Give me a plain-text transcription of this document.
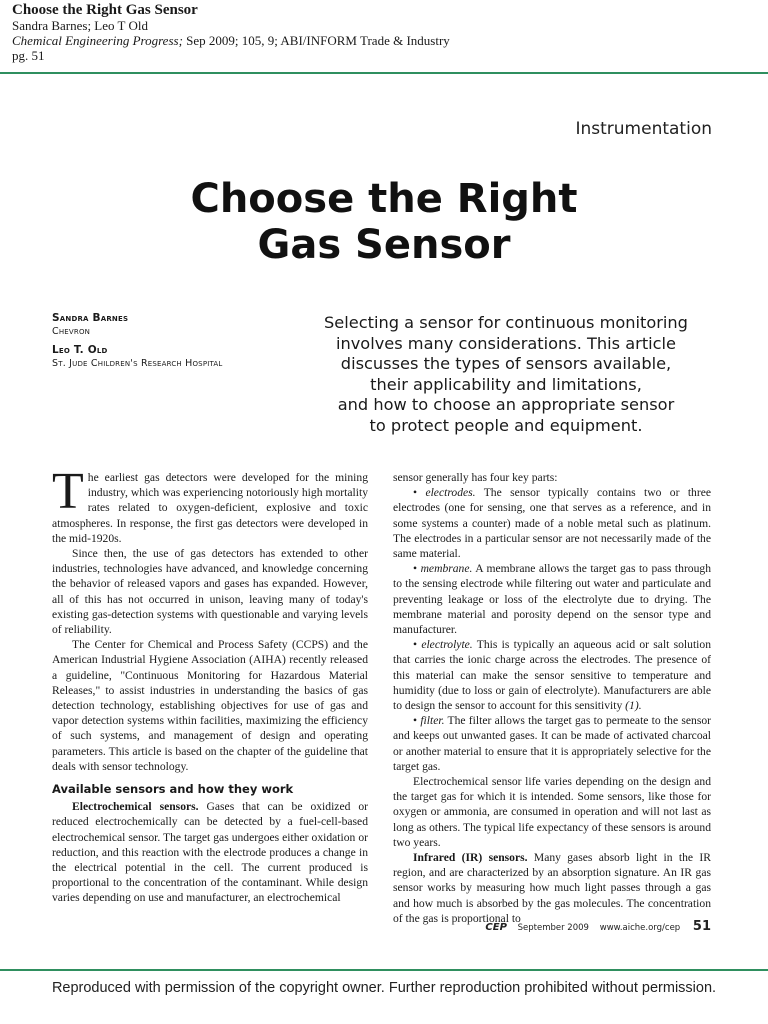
Choose the Right Gas Sensor
Sandra Barnes; Leo T Old
Chemical Engineering Progress; Sep 2009; 105, 9; ABI/INFORM Trade & Industry
pg. 51
Instrumentation
Choose the Right
Gas Sensor
Sandra Barnes
Chevron
Leo T. Old
St. Jude Children's Research Hospital
Selecting a sensor for continuous monitoring
involves many considerations. This article
discusses the types of sensors available,
their applicability and limitations,
and how to choose an appropriate sensor
to protect people and equipment.

The earliest gas detectors were developed for the mining industry, which was experiencing notoriously high mortality rates related to oxygen-deficient, explosive and toxic atmospheres. In response, the first gas detectors were developed in the mid-1920s.

Since then, the use of gas detectors has extended to other industries, technologies have advanced, and knowledge concerning the behavior of released vapors and gases has expanded. However, all of this has not occurred in unison, leaving many of today's existing gas-detection systems with questionable and varying levels of reliability.

The Center for Chemical and Process Safety (CCPS) and the American Industrial Hygiene Association (AIHA) recently released a guideline, "Continuous Monitoring for Hazardous Material Releases," to assist industries in understanding the basics of gas detection technology, establishing objectives for use of gas and vapor detection systems within facilities, maximizing the efficiency of such systems, and management of design and operating parameters. This article is based on the chapter of the guideline that deals with sensor technology.

Available sensors and how they work

Electrochemical sensors. Gases that can be oxidized or reduced electrochemically can be detected by a fuel-cell-based electrochemical sensor. The target gas undergoes either oxidation or reduction, and this reaction with the electrode produces a change in the electrical potential in the cell. The current produced is proportional to the concentration of the contaminant. While design varies depending on use and manufacturer, an electrochemical

sensor generally has four key parts:

• electrodes. The sensor typically contains two or three electrodes (one for sensing, one that serves as a reference, and in some systems a counter) made of a noble metal such as platinum. The electrodes in a particular sensor are not necessarily made of the same material.

• membrane. A membrane allows the target gas to pass through to the sensing electrode while filtering out water and particulate and preventing leakage or loss of the electrolyte due to drying. The membrane material and porosity depend on the sensor type and manufacturer.

• electrolyte. This is typically an aqueous acid or salt solution that carries the ionic charge across the electrodes. The presence of this material can make the sensor sensitive to temperature and humidity (due to loss or gain of electrolyte). Manufacturers are able to design the sensor to account for this sensitivity (1).

• filter. The filter allows the target gas to permeate to the sensor and keeps out unwanted gases. It can be made of activated charcoal or another material to ensure that it is appropriately selective for the target gas.

Electrochemical sensor life varies depending on the design and the target gas for which it is intended. Some sensors, like those for oxygen or ammonia, are consumed in operation and will not last as long as others. The typical life expectancy of these sensors is around two years.

Infrared (IR) sensors. Many gases absorb light in the IR region, and are characterized by an absorption signature. An IR gas sensor works by measuring how much light passes through a gas and how much is absorbed by the gas molecules. The concentration of the gas is proportional to

CEP September 2009 www.aiche.org/cep 51
Reproduced with permission of the copyright owner. Further reproduction prohibited without permission.
